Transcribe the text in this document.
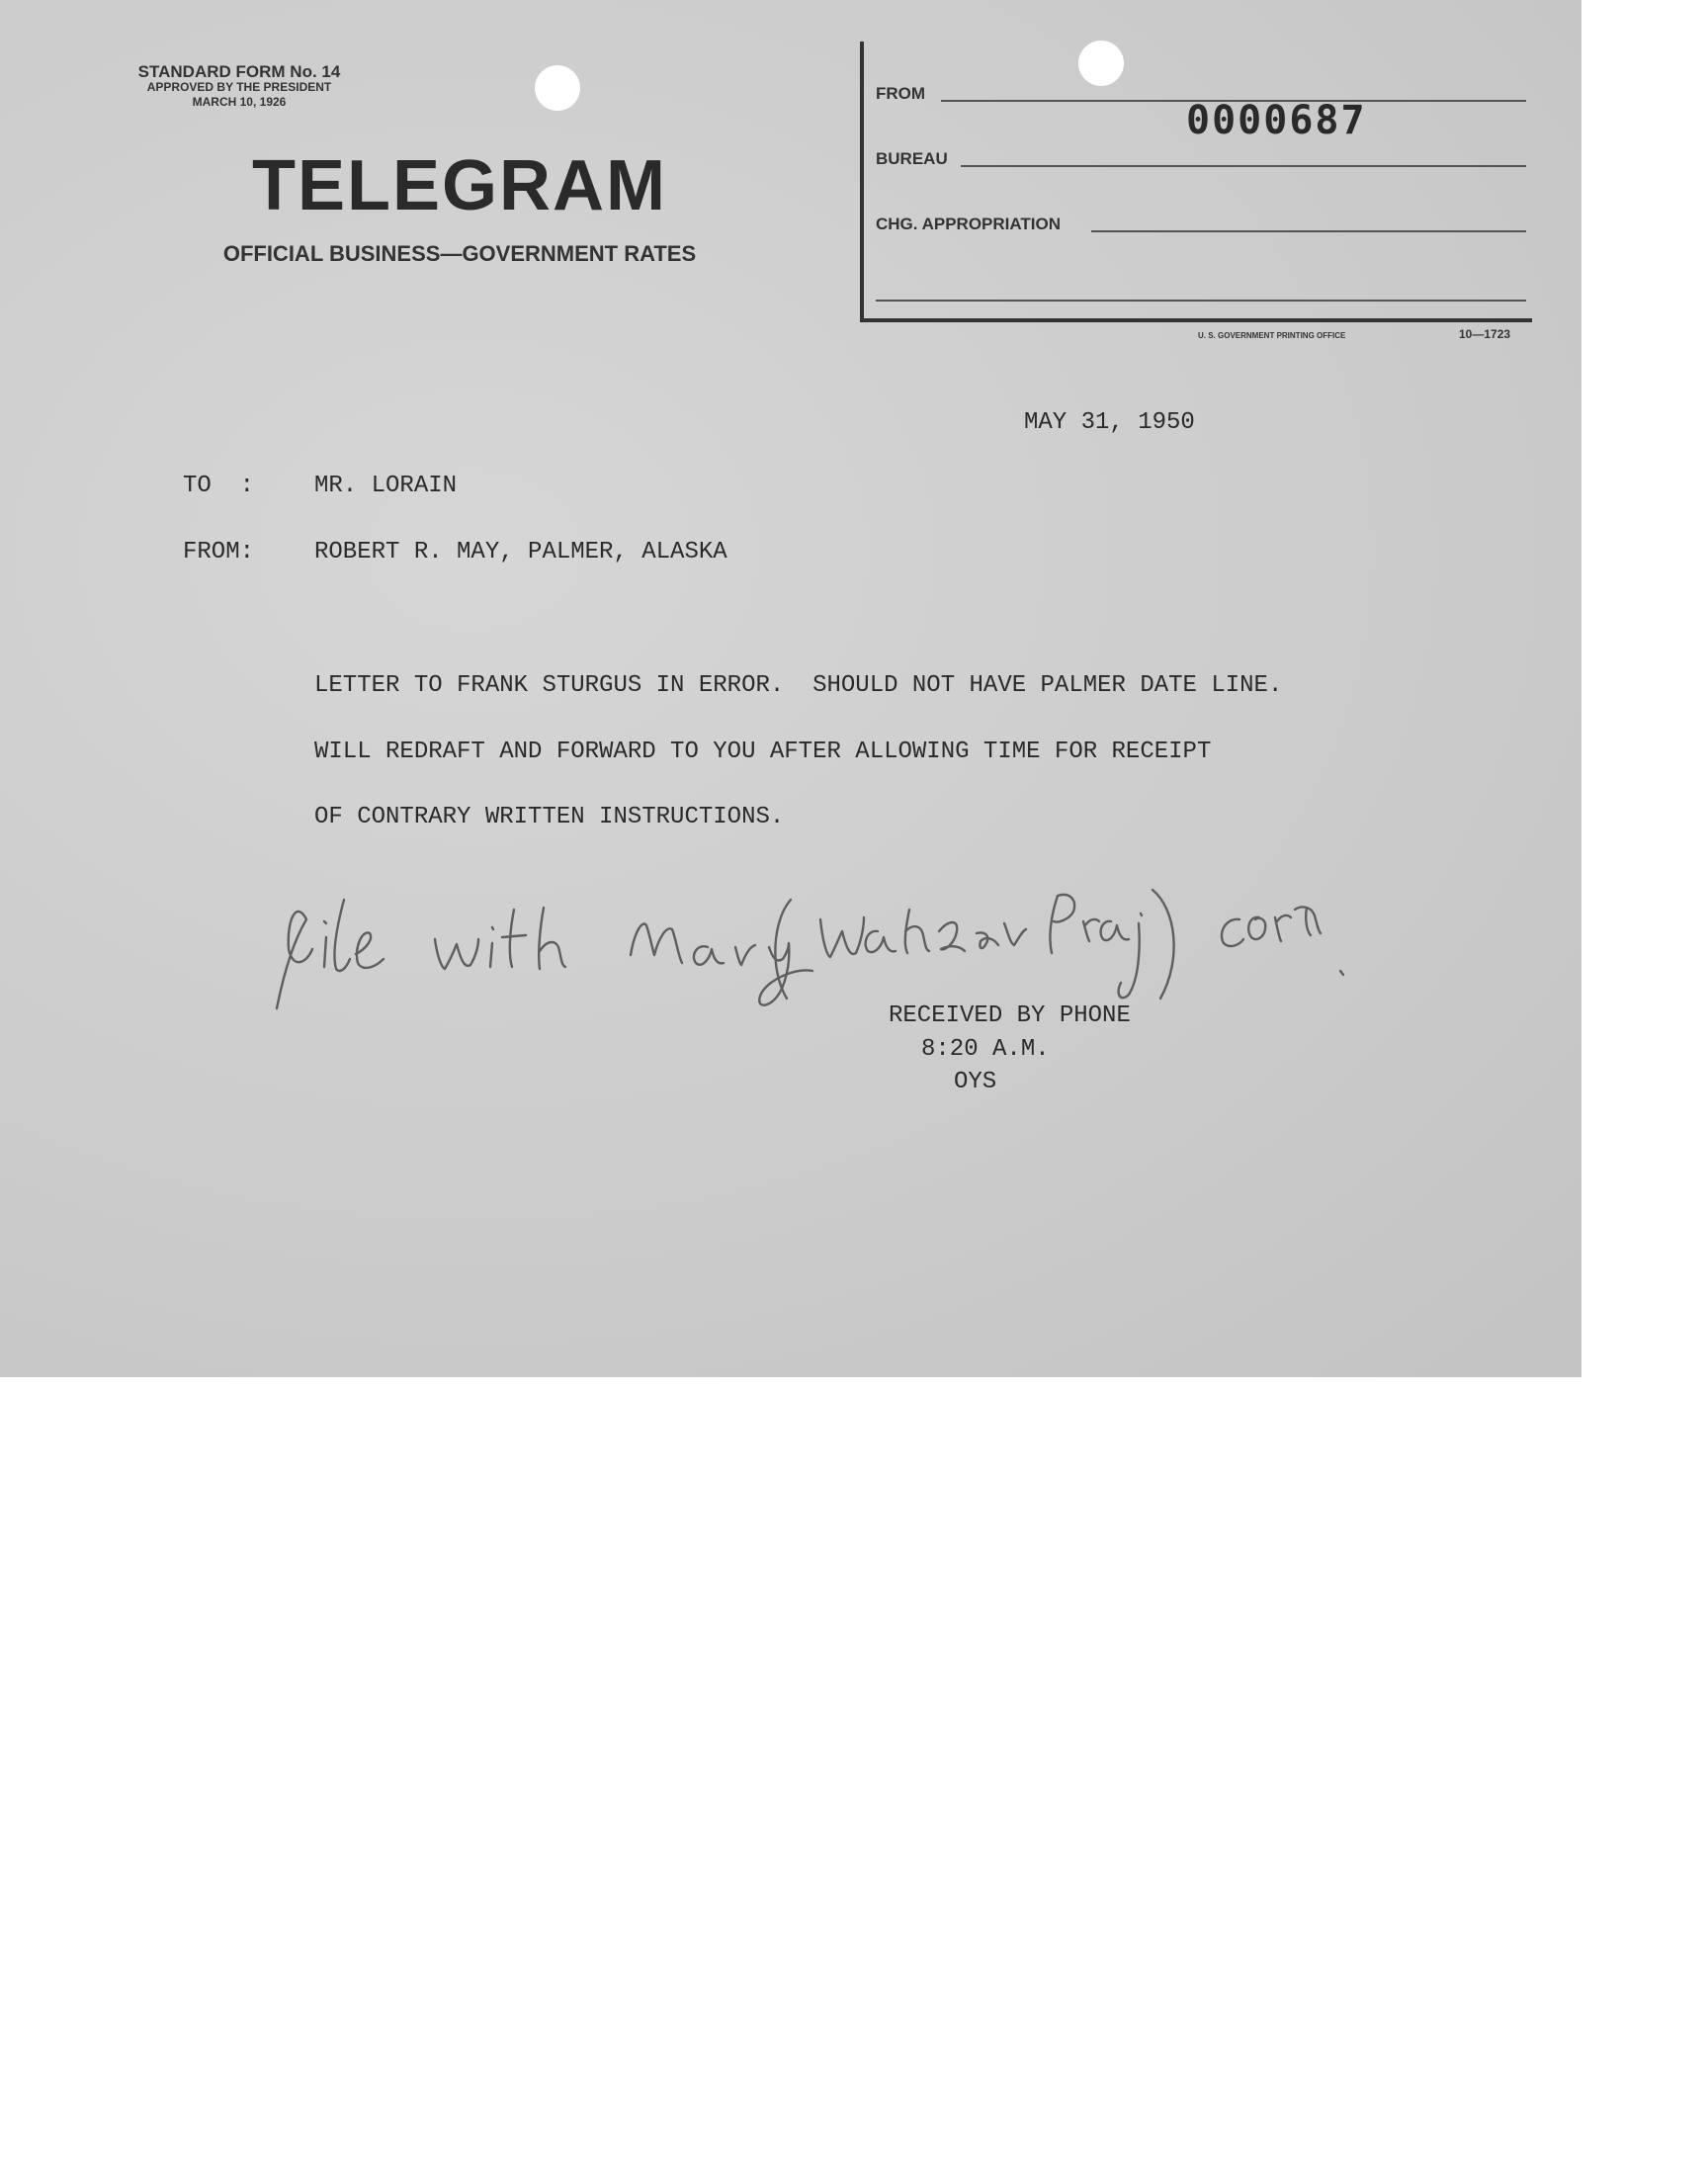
STANDARD FORM No. 14
APPROVED BY THE PRESIDENT
MARCH 10, 1926
TELEGRAM
OFFICIAL BUSINESS—GOVERNMENT RATES
FROM
BUREAU
CHG. APPROPRIATION
0000687
U. S. GOVERNMENT PRINTING OFFICE	10—1723
MAY 31, 1950
TO  :	MR. LORAIN
FROM:	ROBERT R. MAY, PALMER, ALASKA
LETTER TO FRANK STURGUS IN ERROR.  SHOULD NOT HAVE PALMER DATE LINE.
WILL REDRAFT AND FORWARD TO YOU AFTER ALLOWING TIME FOR RECEIPT
OF CONTRARY WRITTEN INSTRUCTIONS.
RECEIVED BY PHONE
8:20 A.M.
OYS
